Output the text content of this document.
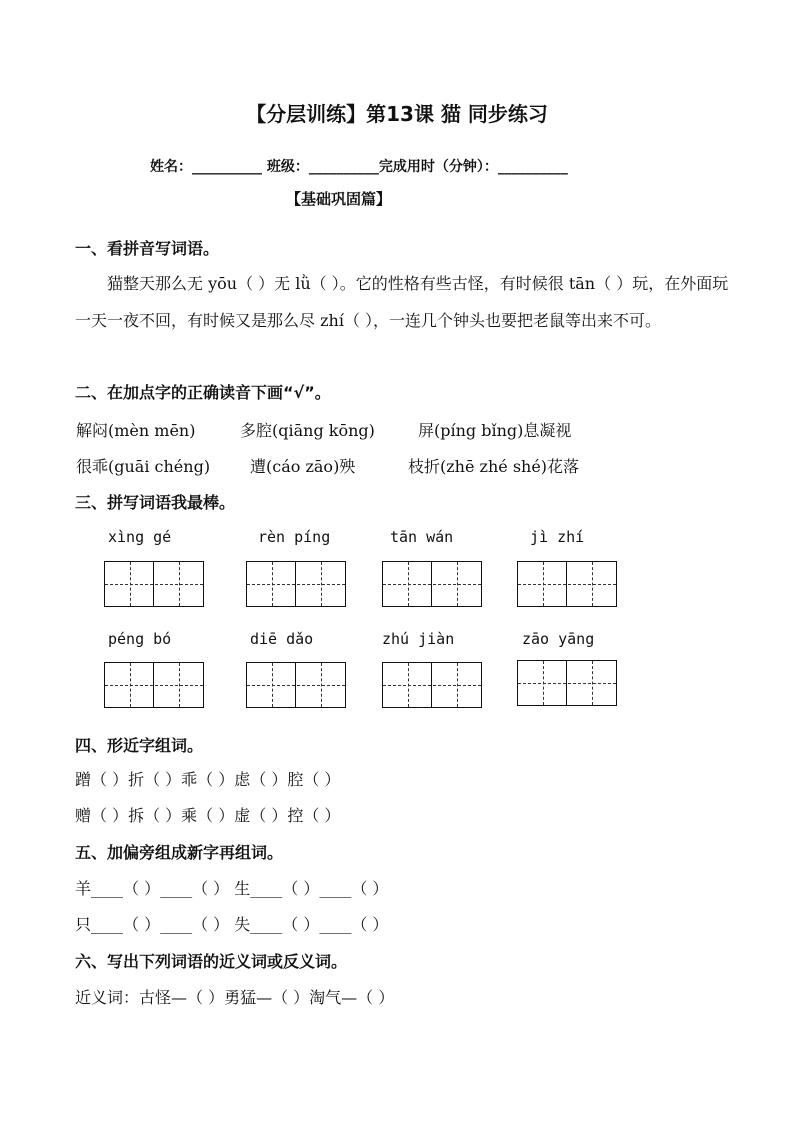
【分层训练】第13课 猫 同步练习
姓名：__________ 班级：__________完成用时（分钟）：__________
【基础巩固篇】
一、看拼音写词语。
猫整天那么无 yōu（ ）无 lǜ（ ）。它的性格有些古怪，有时候很 tān（ ）玩，在外面玩一天一夜不回，有时候又是那么尽 zhí（ ），一连几个钟头也要把老鼠等出来不可。
二、在加点字的正确读音下画“√”。
解闷(mèn mēn)	多腔(qiāng kōng)	屏(píng bǐng)息凝视
很乖(guāi chéng) 遭(cáo zāo)殃	枝折(zhē zhé shé)花落
三、拼写词语我最棒。
xìng gé	rèn píng	tān wán	jì zhí
péng bó	diē dǎo	zhú jiàn	zāo yāng
四、形近字组词。
蹭（ ）折（ ）乖（ ）虑（ ）腔（ ）
赠（ ）拆（ ）乘（ ）虚（ ）控（ ）
五、加偏旁组成新字再组词。
羊____（ ）____（ ） 生____（ ）____（ ）
只____（ ）____（ ） 失____（ ）____（ ）
六、写出下列词语的近义词或反义词。
近义词：古怪—（ ）勇猛—（ ）淘气—（ ）
